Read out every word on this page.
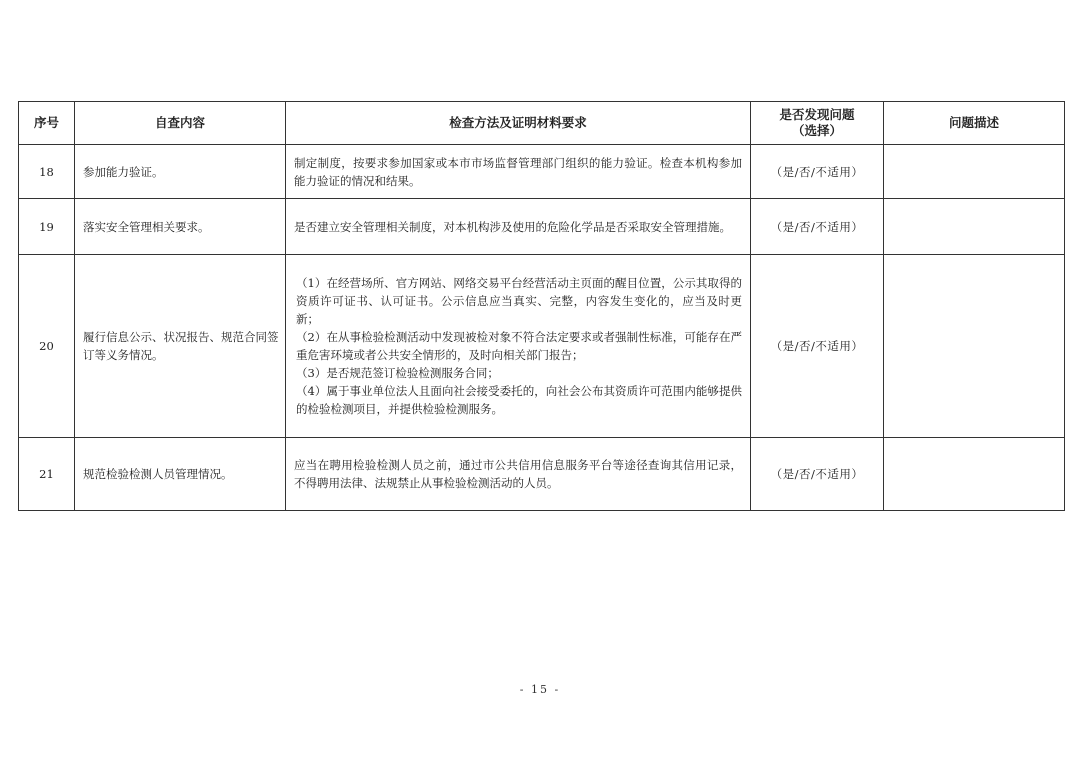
序号	自查内容	检查方法及证明材料要求	是否发现问题
（选择）	问题描述
18	参加能力验证。	制定制度，按要求参加国家或本市市场监督管理部门组织的能力验证。检查本机构参加能力验证的情况和结果。	（是/否/不适用）	
19	落实安全管理相关要求。	是否建立安全管理相关制度，对本机构涉及使用的危险化学品是否采取安全管理措施。	（是/否/不适用）	
20	履行信息公示、状况报告、规范合同签订等义务情况。	（1）在经营场所、官方网站、网络交易平台经营活动主页面的醒目位置，公示其取得的资质许可证书、认可证书。公示信息应当真实、完整，内容发生变化的，应当及时更新；
（2）在从事检验检测活动中发现被检对象不符合法定要求或者强制性标准，可能存在严重危害环境或者公共安全情形的，及时向相关部门报告；
（3）是否规范签订检验检测服务合同；
（4）属于事业单位法人且面向社会接受委托的，向社会公布其资质许可范围内能够提供的检验检测项目，并提供检验检测服务。	（是/否/不适用）	
21	规范检验检测人员管理情况。	应当在聘用检验检测人员之前，通过市公共信用信息服务平台等途径查询其信用记录，不得聘用法律、法规禁止从事检验检测活动的人员。	（是/否/不适用）	
- 15 -
